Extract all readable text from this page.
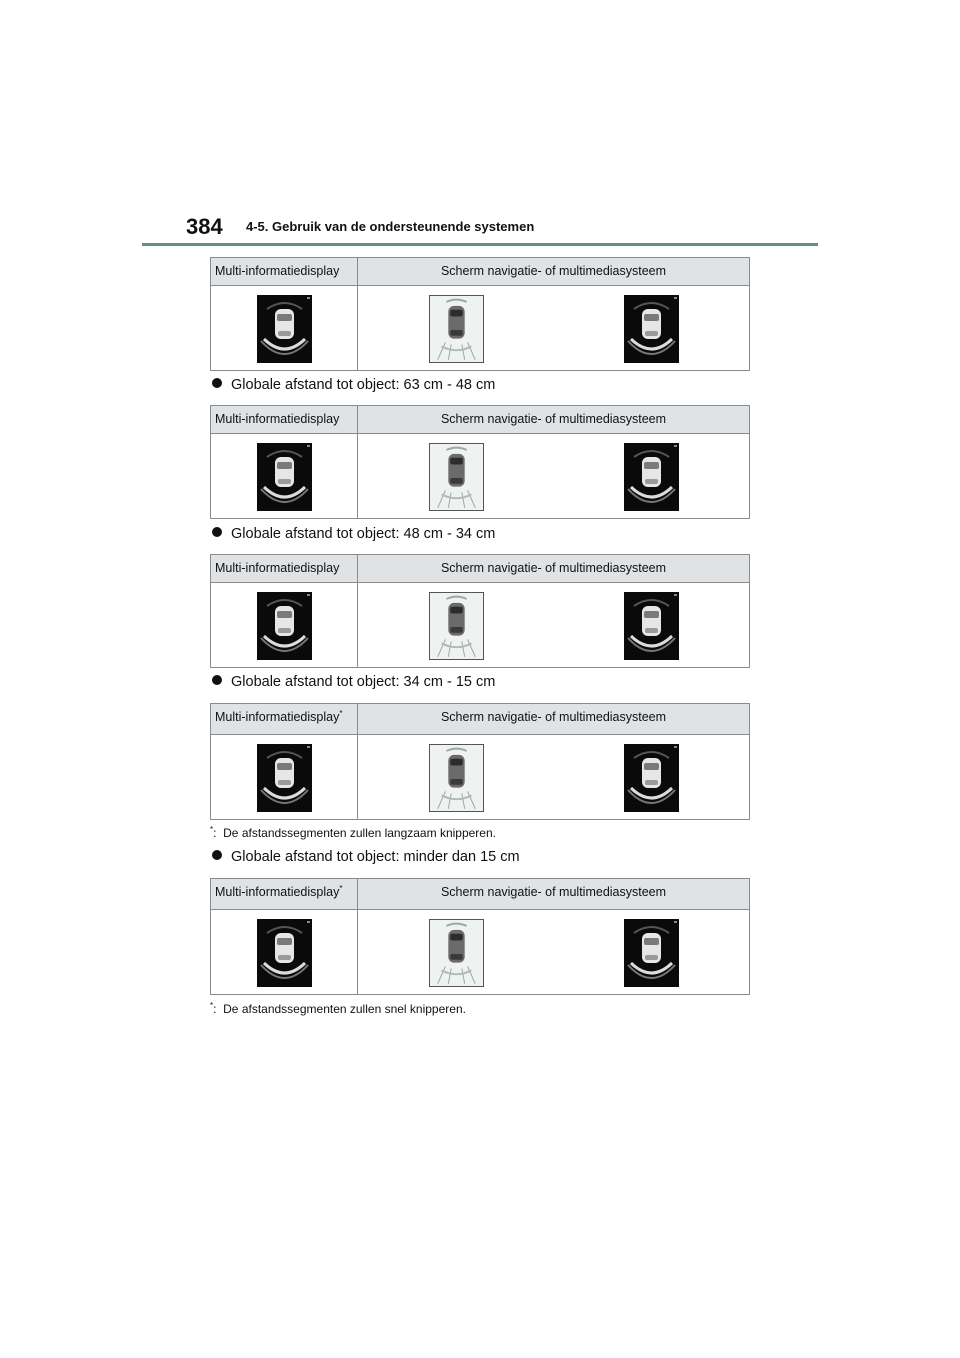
384 4-5. Gebruik van de ondersteunende systemen
Multi-informatiedisplay	Scherm navigatie- of multimediasysteem
Globale afstand tot object: 63 cm - 48 cm
Multi-informatiedisplay	Scherm navigatie- of multimediasysteem
Globale afstand tot object: 48 cm - 34 cm
Multi-informatiedisplay	Scherm navigatie- of multimediasysteem
Globale afstand tot object: 34 cm - 15 cm
Multi-informatiedisplay*	Scherm navigatie- of multimediasysteem
*: De afstandssegmenten zullen langzaam knipperen.
Globale afstand tot object: minder dan 15 cm
Multi-informatiedisplay*	Scherm navigatie- of multimediasysteem
*: De afstandssegmenten zullen snel knipperen.
